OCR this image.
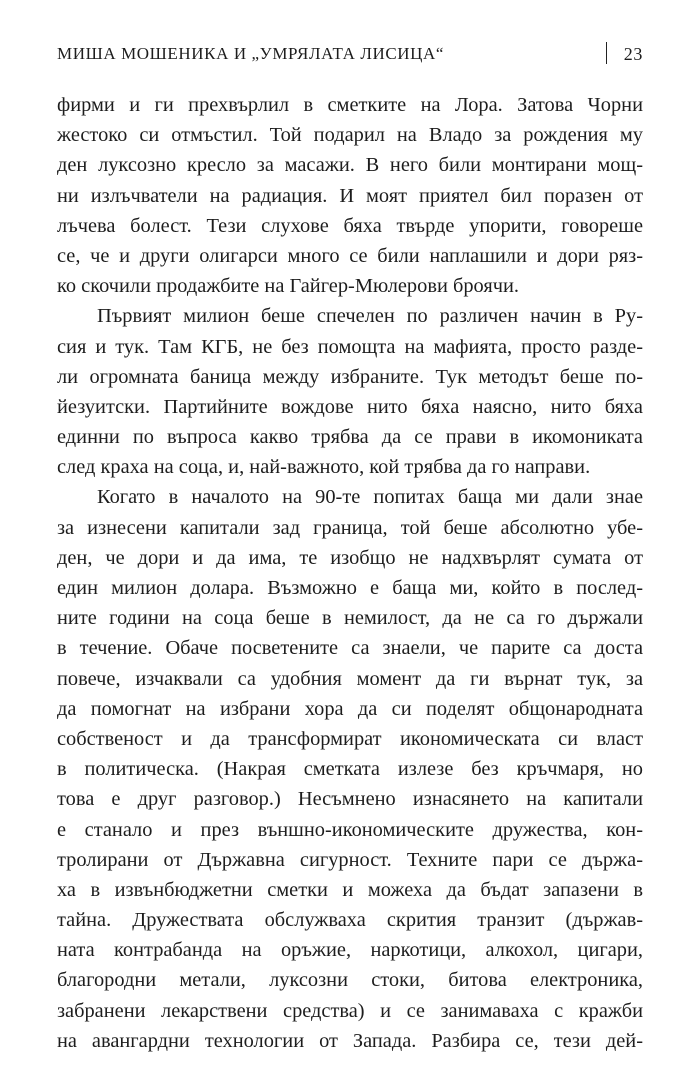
МИША МОШЕНИКА И „УМРЯЛАТА ЛИСИЦА“	23
фирми и ги прехвърлил в сметките на Лора. Затова Чорни
жестоко си отмъстил. Той подарил на Владо за рождения му
ден луксозно кресло за масажи. В него били монтирани мощ-
ни излъчватели на радиация. И моят приятел бил поразен от
лъчева болест. Тези слухове бяха твърде упорити, говореше
се, че и други олигарси много се били наплашили и дори ряз-
ко скочили продажбите на Гайгер-Мюлерови броячи.
Първият милион беше спечелен по различен начин в Ру-
сия и тук. Там КГБ, не без помощта на мафията, просто разде-
ли огромната баница между избраните. Тук методът беше по-
йезуитски. Партийните вождове нито бяха наясно, нито бяха
единни по въпроса какво трябва да се прави в икомониката
след краха на соца, и, най-важното, кой трябва да го направи.
Когато в началото на 90-те попитах баща ми дали знае
за изнесени капитали зад граница, той беше абсолютно убе-
ден, че дори и да има, те изобщо не надхвърлят сумата от
един милион долара. Възможно е баща ми, който в послед-
ните години на соца беше в немилост, да не са го държали
в течение. Обаче посветените са знаели, че парите са доста
повече, изчаквали са удобния момент да ги върнат тук, за
да помогнат на избрани хора да си поделят общонародната
собственост и да трансформират икономическата си власт
в политическа. (Накрая сметката излезе без кръчмаря, но
това е друг разговор.) Несъмнено изнасянето на капитали
е станало и през външно-икономическите дружества, кон-
тролирани от Държавна сигурност. Техните пари се държа-
ха в извънбюджетни сметки и можеха да бъдат запазени в
тайна. Дружествата обслужваха скрития транзит (държав-
ната контрабанда на оръжие, наркотици, алкохол, цигари,
благородни метали, луксозни стоки, битова електроника,
забранени лекарствени средства) и се занимаваха с кражби
на авангардни технологии от Запада. Разбира се, тези дей-
